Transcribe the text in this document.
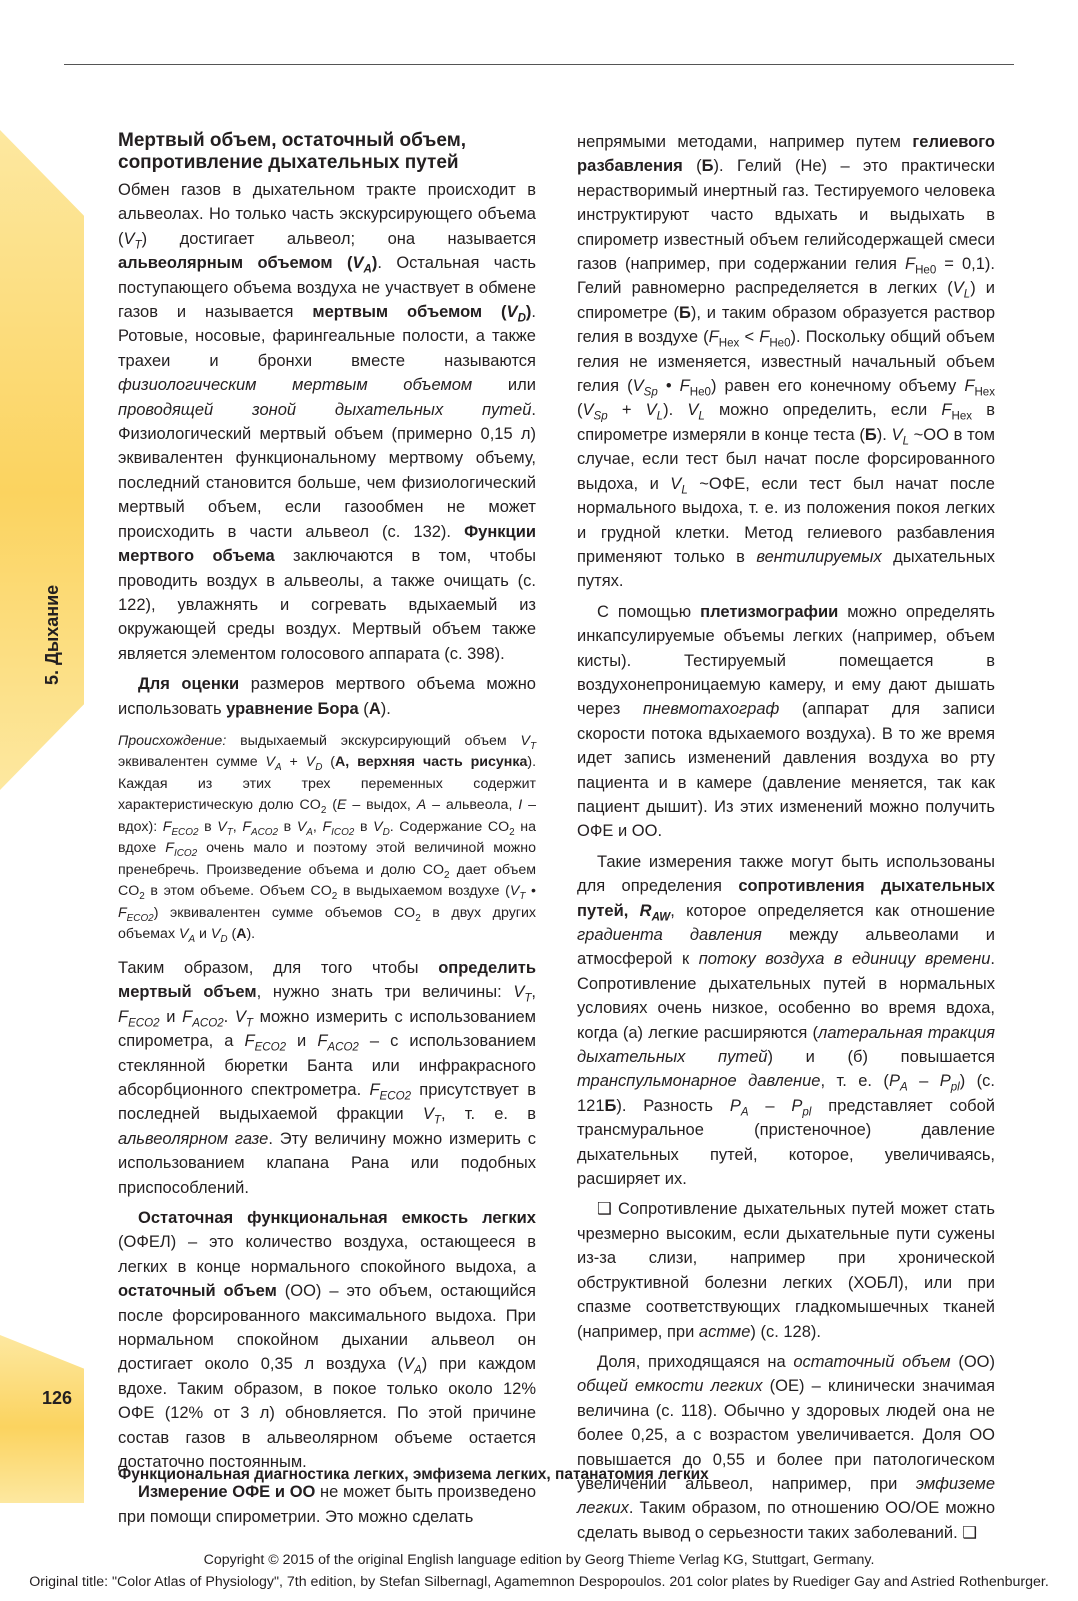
5. Дыхание
126
Мертвый объем, остаточный объем, сопротивление дыхательных путей

Обмен газов в дыхательном тракте происходит в альвеолах. Но только часть экскурсирующего объема $(V_T)$ достигает альвеол; она называется альвеолярным объемом $(V_A)$. Остальная часть поступающего объема воздуха не участвует в обмене газов и называется мертвым объемом $(V_D)$. Ротовые, носовые, фарингеальные полости, а также трахеи и бронхи вместе называются физиологическим мертвым объемом или проводящей зоной дыхательных путей. Физиологический мертвый объем (примерно 0,15 л) эквивалентен функциональному мертвому объему, последний становится больше, чем физиологический мертвый объем, если газообмен не может происходить в части альвеол (с. 132). Функции мертвого объема заключаются в том, чтобы проводить воздух в альвеолы, а также очищать (с. 122), увлажнять и согревать вдыхаемый из окружающей среды воздух. Мертвый объем также является элементом голосового аппарата (с. 398).

Для оценки размеров мертвого объема можно использовать уравнение Бора (А).

Происхождение: выдыхаемый экскурсирующий объем $V_T$ эквивалентен сумме $V_A + V_D$ (А, верхняя часть рисунка). Каждая из этих трех переменных содержит характеристическую долю $CO_2$ (E – выдох, A – альвеола, I – вдох): $F_{ECO2}$ в $V_T$, $F_{ACO2}$ в $V_A$, $F_{ICO2}$ в $V_D$. Содержание $CO_2$ на вдохе $F_{ICO2}$ очень мало и поэтому этой величиной можно пренебречь. Произведение объема и долю $CO_2$ дает объем $CO_2$ в этом объеме. Объем $CO_2$ в выдыхаемом воздухе ($V_T$ • $F_{ECO2}$) эквивалентен сумме объемов $CO_2$ в двух других объемах $V_A$ и $V_D$ (А).

Таким образом, для того чтобы определить мертвый объем, нужно знать три величины: $V_T$, $F_{ECO2}$ и $F_{ACO2}$. $V_T$ можно измерить с использованием спирометра, а $F_{ECO2}$ и $F_{ACO2}$ – с использованием стеклянной бюретки Банта или инфракрасного абсорбционного спектрометра. $F_{ECO2}$ присутствует в последней выдыхаемой фракции $V_T$, т. е. в альвеолярном газе. Эту величину можно измерить с использованием клапана Рана или подобных приспособлений.

Остаточная функциональная емкость легких (ОФЕЛ) – это количество воздуха, остающееся в легких в конце нормального спокойного выдоха, а остаточный объем (ОО) – это объем, остающийся после форсированного максимального выдоха. При нормальном спокойном дыхании альвеол он достигает около 0,35 л воздуха $(V_A)$ при каждом вдохе. Таким образом, в покое только около 12% ОФЕ (12% от 3 л) обновляется. По этой причине состав газов в альвеолярном объеме остается достаточно постоянным.

Измерение ОФЕ и ОО не может быть произведено при помощи спирометрии. Это можно сделать

непрямыми методами, например путем гелиевого разбавления (Б). Гелий (He) – это практически нерастворимый инертный газ. Тестируемого человека инструктируют часто вдыхать и выдыхать в спирометр известный объем гелийсодержащей смеси газов (например, при содержании гелия $F_{He0} = 0,1$). Гелий равномерно распределяется в легких $(V_L)$ и спирометре (Б), и таким образом образуется раствор гелия в воздухе $(F_{Hex} < F_{He0})$. Поскольку общий объем гелия не изменяется, известный начальный объем гелия ($V_{Sp}$ • $F_{He0}$) равен его конечному объему $F_{Hex}$ $(V_{Sp} + V_L)$. $V_L$ можно определить, если $F_{Hex}$ в спирометре измеряли в конце теста (Б). $V_L$ ~ОО в том случае, если тест был начат после форсированного выдоха, и $V_L$ ~ОФЕ, если тест был начат после нормального выдоха, т. е. из положения покоя легких и грудной клетки. Метод гелиевого разбавления применяют только в вентилируемых дыхательных путях.

С помощью плетизмографии можно определять инкапсулируемые объемы легких (например, объем кисты). Тестируемый помещается в воздухонепроницаемую камеру, и ему дают дышать через пневмотахограф (аппарат для записи скорости потока вдыхаемого воздуха). В то же время идет запись изменений давления воздуха во рту пациента и в камере (давление меняется, так как пациент дышит). Из этих изменений можно получить ОФЕ и ОО.

Такие измерения также могут быть использованы для определения сопротивления дыхательных путей, $R_{AW}$, которое определяется как отношение градиента давления между альвеолами и атмосферой к потоку воздуха в единицу времени. Сопротивление дыхательных путей в нормальных условиях очень низкое, особенно во время вдоха, когда (а) легкие расширяются (латеральная тракция дыхательных путей) и (б) повышается транспульмонарное давление, т. е. $(P_A - P_{pl})$ (с. 121Б). Разность $P_A - P_{pl}$ представляет собой трансмуральное (пристеночное) давление дыхательных путей, которое, увеличиваясь, расширяет их.

❑ Сопротивление дыхательных путей может стать чрезмерно высоким, если дыхательные пути сужены из-за слизи, например при хронической обструктивной болезни легких (ХОБЛ), или при спазме соответствующих гладкомышечных тканей (например, при астме) (с. 128).

Доля, приходящаяся на остаточный объем (ОО) общей емкости легких (ОЕ) – клинически значимая величина (с. 118). Обычно у здоровых людей она не более 0,25, а с возрастом увеличивается. Доля ОО повышается до 0,55 и более при патологическом увеличении альвеол, например, при эмфиземе легких. Таким образом, по отношению ОО/ОЕ можно сделать вывод о серьезности таких заболеваний. ❑

Функциональная диагностика легких, эмфизема легких, патанатомия легких
Copyright © 2015 of the original English language edition by Georg Thieme Verlag KG, Stuttgart, Germany.
Original title: "Color Atlas of Physiology", 7th edition, by Stefan Silbernagl, Agamemnon Despopoulos. 201 color plates by Ruediger Gay and Astried Rothenburger.
